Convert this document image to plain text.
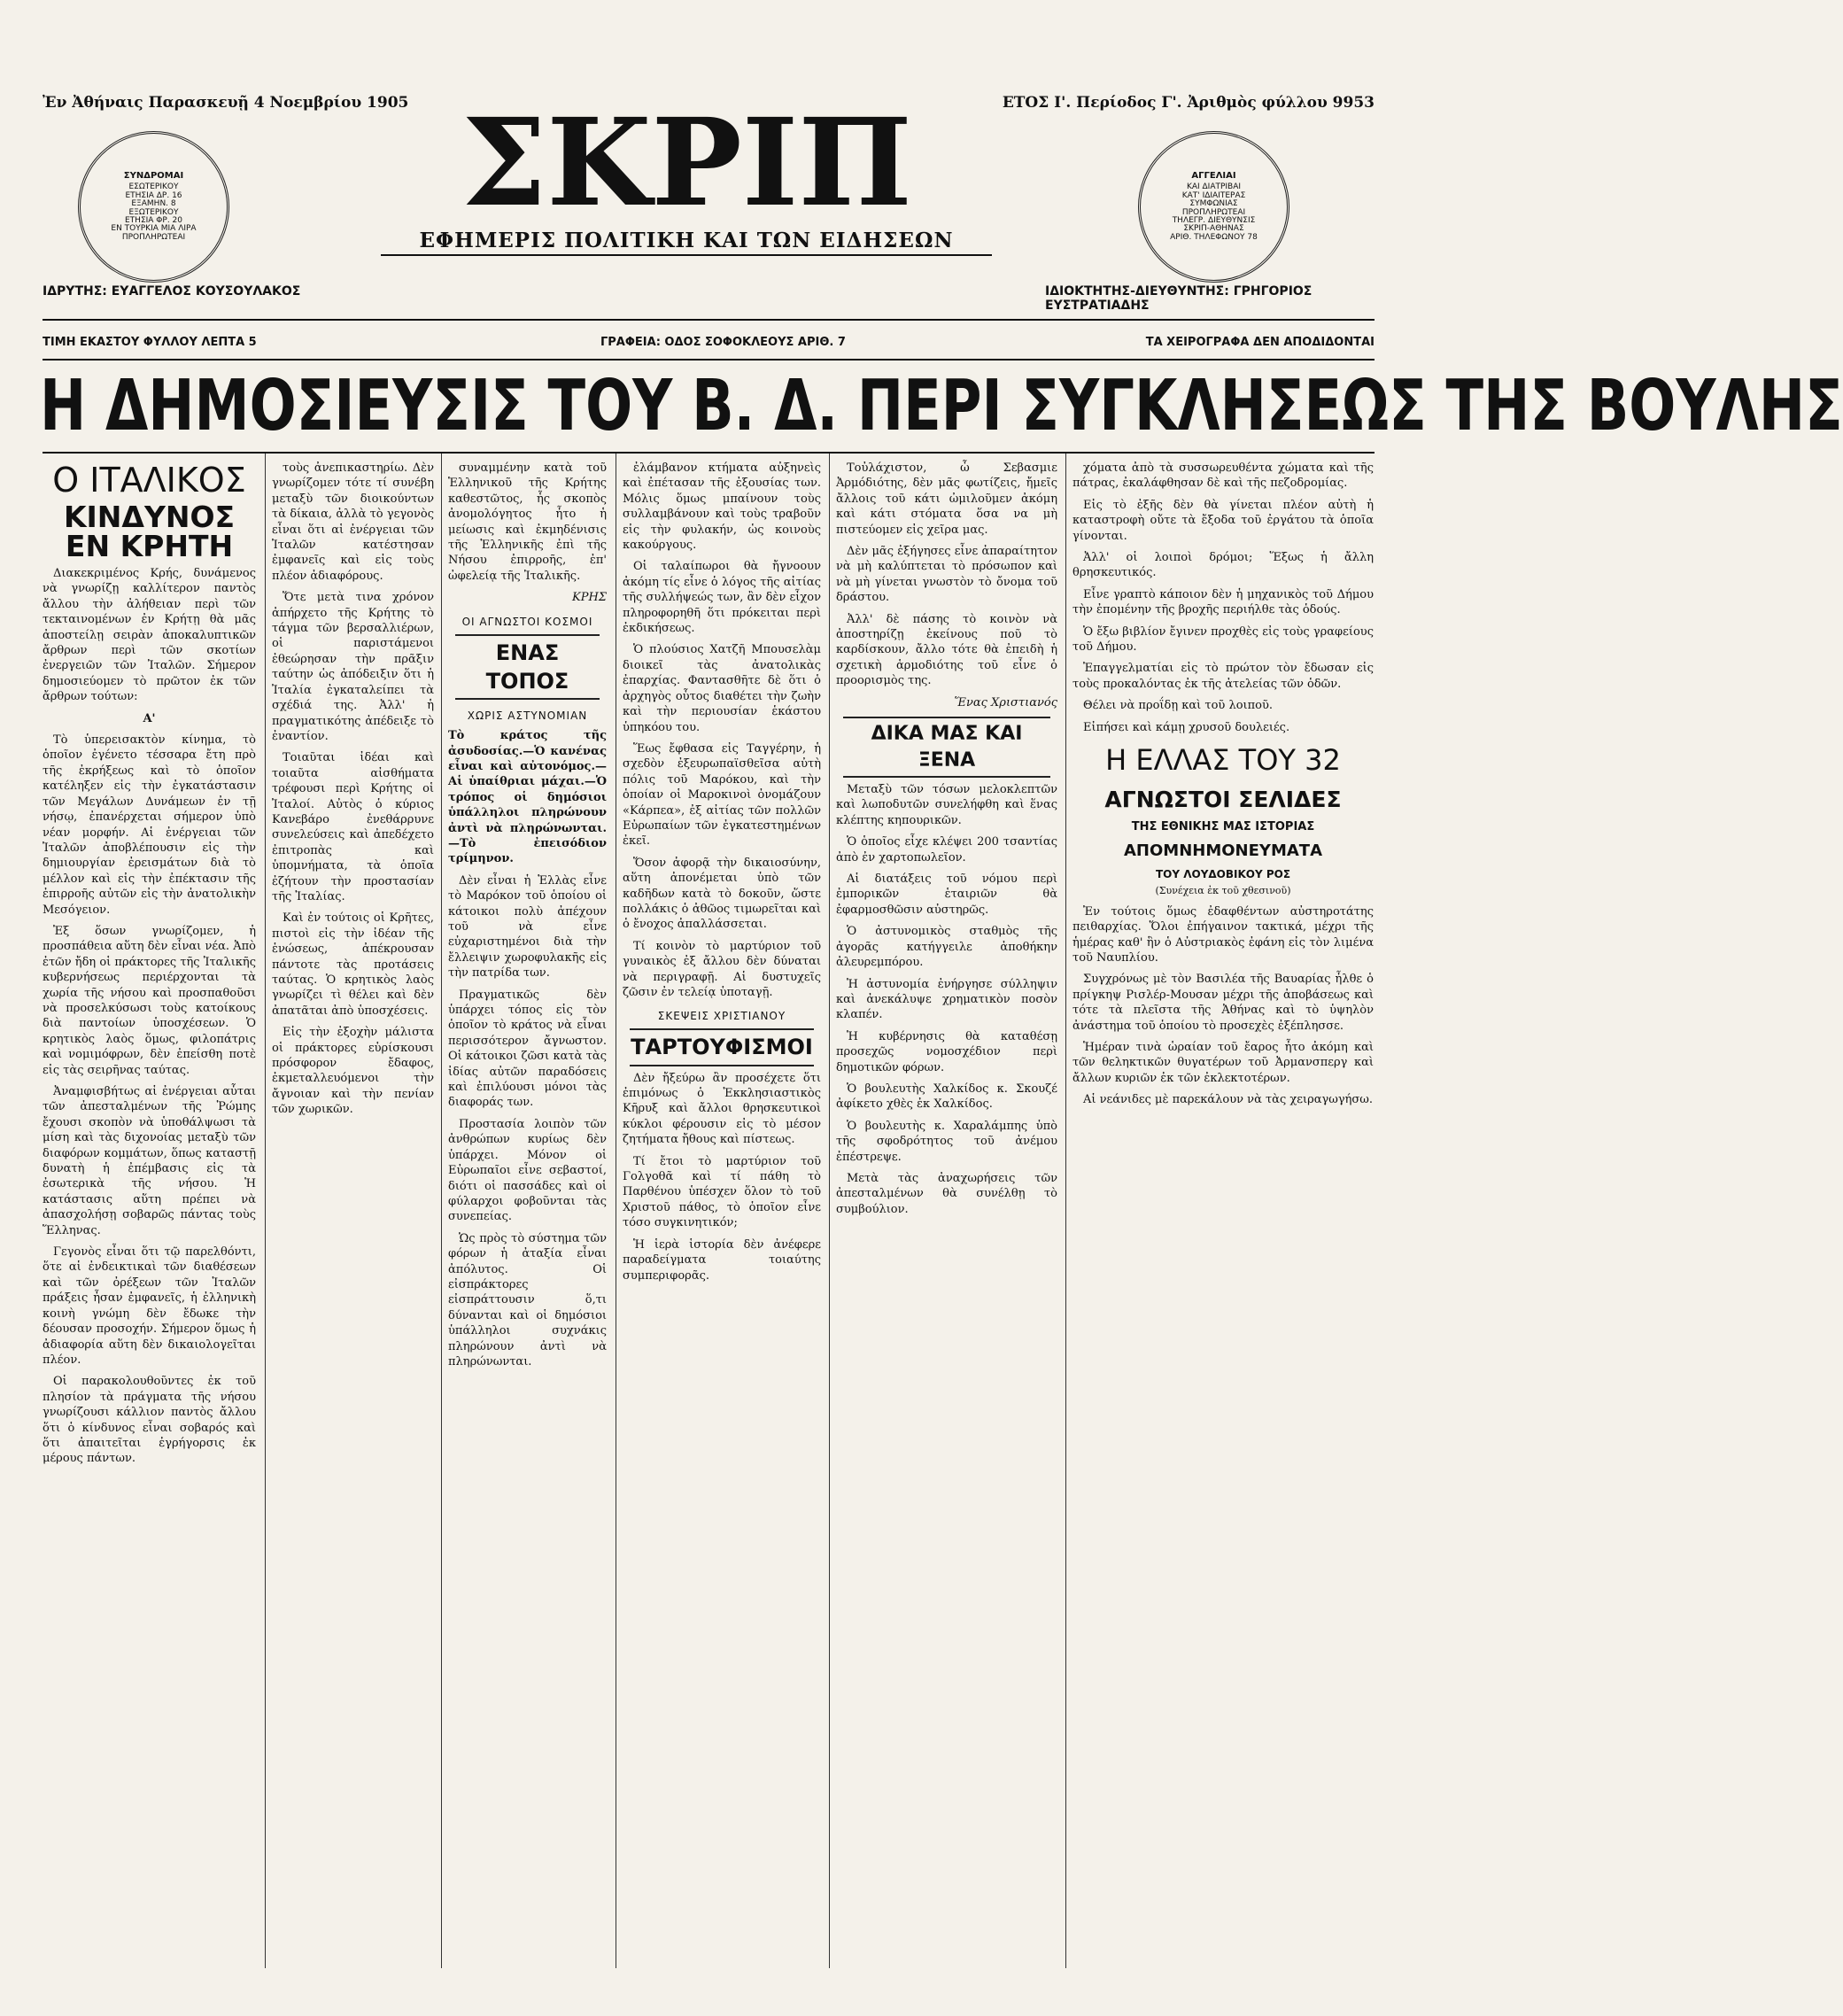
Ἐν Ἀθήναις Παρασκευῇ 4 Νοεμβρίου 1905	ΕΤΟΣ Ι'. Περίοδος Γ'. Ἀριθμὸς φύλλου 9953
ΣΥΝΔΡΟΜΑΙ
ΕΣΩΤΕΡΙΚΟΥ
ΕΤΗΣΙΑ ΔΡ. 16
ΕΞΑΜΗΝ. 8
ΕΞΩΤΕΡΙΚΟΥ
ΕΤΗΣΙΑ ΦΡ. 20
ΕΝ ΤΟΥΡΚΙΑ ΜΙΑ ΛΙΡΑ
ΠΡΟΠΛΗΡΩΤΕΑΙ
ΑΓΓΕΛΙΑΙ
ΚΑΙ ΔΙΑΤΡΙΒΑΙ
ΚΑΤ' ΙΔΙΑΙΤΕΡΑΣ
ΣΥΜΦΩΝΙΑΣ
ΠΡΟΠΛΗΡΩΤΕΑΙ
ΤΗΛΕΓΡ. ΔΙΕΥΘΥΝΣΙΣ
ΣΚΡΙΠ-ΑΘΗΝΑΣ
ΑΡΙΘ. ΤΗΛΕΦΩΝΟΥ 78
ΣΚΡΙΠ
ΕΦΗΜΕΡΙΣ ΠΟΛΙΤΙΚΗ ΚΑΙ ΤΩΝ ΕΙΔΗΣΕΩΝ
ΙΔΡΥΤΗΣ: ΕΥΑΓΓΕΛΟΣ ΚΟΥΣΟΥΛΑΚΟΣ	ΙΔΙΟΚΤΗΤΗΣ-ΔΙΕΥΘΥΝΤΗΣ: ΓΡΗΓΟΡΙΟΣ ΕΥΣΤΡΑΤΙΑΔΗΣ
ΤΙΜΗ ΕΚΑΣΤΟΥ ΦΥΛΛΟΥ ΛΕΠΤΑ 5	ΓΡΑΦΕΙΑ: ΟΔΟΣ ΣΟΦΟΚΛΕΟΥΣ ΑΡΙΘ. 7	ΤΑ ΧΕΙΡΟΓΡΑΦΑ ΔΕΝ ΑΠΟΔΙΔΟΝΤΑΙ
Η ΔΗΜΟΣΙΕΥΣΙΣ ΤΟΥ Β. Δ. ΠΕΡΙ ΣΥΓΚΛΗΣΕΩΣ ΤΗΣ ΒΟΥΛΗΣ
Ο ΙΤΑΛΙΚΟΣ
ΚΙΝΔΥΝΟΣ ΕΝ ΚΡΗΤΗ

Διακεκριμένος Κρής, δυνάμενος νὰ γνωρίζῃ καλλίτερον παντὸς ἄλλου τὴν ἀλήθειαν περὶ τῶν τεκταινομένων ἐν Κρήτῃ θὰ μᾶς ἀποστείλῃ σειρὰν ἀποκαλυπτικῶν ἄρθρων περὶ τῶν σκοτίων ἐνεργειῶν τῶν Ἰταλῶν. Σήμερον δημοσιεύομεν τὸ πρῶτον ἐκ τῶν ἄρθρων τούτων:

Α'

Τὸ ὑπερεισακτὸν κίνημα, τὸ ὁποῖον ἐγένετο τέσσαρα ἔτη πρὸ τῆς ἐκρήξεως καὶ τὸ ὁποῖον κατέληξεν εἰς τὴν ἐγκατάστασιν τῶν Μεγάλων Δυνάμεων ἐν τῇ νήσῳ, ἐπανέρχεται σήμερον ὑπὸ νέαν μορφήν. Αἱ ἐνέργειαι τῶν Ἰταλῶν ἀποβλέπουσιν εἰς τὴν δημιουργίαν ἐρεισμάτων διὰ τὸ μέλλον καὶ εἰς τὴν ἐπέκτασιν τῆς ἐπιρροῆς αὐτῶν εἰς τὴν ἀνατολικὴν Μεσόγειον.

Ἐξ ὅσων γνωρίζομεν, ἡ προσπάθεια αὕτη δὲν εἶναι νέα. Ἀπὸ ἐτῶν ἤδη οἱ πράκτορες τῆς Ἰταλικῆς κυβερνήσεως περιέρχονται τὰ χωρία τῆς νήσου καὶ προσπαθοῦσι νὰ προσελκύσωσι τοὺς κατοίκους διὰ παντοίων ὑποσχέσεων. Ὁ κρητικὸς λαὸς ὅμως, φιλοπάτρις καὶ νομιμόφρων, δὲν ἐπείσθη ποτὲ εἰς τὰς σειρῆνας ταύτας.

Ἀναμφισβήτως αἱ ἐνέργειαι αὗται τῶν ἀπεσταλμένων τῆς Ῥώμης ἔχουσι σκοπὸν νὰ ὑποθάλψωσι τὰ μίση καὶ τὰς διχονοίας μεταξὺ τῶν διαφόρων κομμάτων, ὅπως καταστῇ δυνατὴ ἡ ἐπέμβασις εἰς τὰ ἐσωτερικὰ τῆς νήσου. Ἡ κατάστασις αὕτη πρέπει νὰ ἀπασχολήσῃ σοβαρῶς πάντας τοὺς Ἕλληνας.

Γεγονὸς εἶναι ὅτι τῷ παρελθόντι, ὅτε αἱ ἐνδεικτικαὶ τῶν διαθέσεων καὶ τῶν ὀρέξεων τῶν Ἰταλῶν πράξεις ἦσαν ἐμφανεῖς, ἡ ἐλληνικὴ κοινὴ γνώμη δὲν ἔδωκε τὴν δέουσαν προσοχήν. Σήμερον ὅμως ἡ ἀδιαφορία αὕτη δὲν δικαιολογεῖται πλέον.

Οἱ παρακολουθοῦντες ἐκ τοῦ πλησίον τὰ πράγματα τῆς νήσου γνωρίζουσι κάλλιον παντὸς ἄλλου ὅτι ὁ κίνδυνος εἶναι σοβαρός καὶ ὅτι ἀπαιτεῖται ἐγρήγορσις ἐκ μέρους πάντων.

τοὺς ἀνεπικαστηρίω. Δὲν γνωρίζομεν τότε τί συνέβη μεταξὺ τῶν διοικούντων τὰ δίκαια, ἀλλὰ τὸ γεγονὸς εἶναι ὅτι αἱ ἐνέργειαι τῶν Ἰταλῶν κατέστησαν ἐμφανεῖς καὶ εἰς τοὺς πλέον ἀδιαφόρους.

Ὅτε μετὰ τινα χρόνον ἀπήρχετο τῆς Κρήτης τὸ τάγμα τῶν βερσαλλιέρων, οἱ παριστάμενοι ἐθεώρησαν τὴν πρᾶξιν ταύτην ὡς ἀπόδειξιν ὅτι ἡ Ἰταλία ἐγκαταλείπει τὰ σχέδιά της. Ἀλλ' ἡ πραγματικότης ἀπέδειξε τὸ ἐναντίον.

Τοιαῦται ἰδέαι καὶ τοιαῦτα αἰσθήματα τρέφουσι περὶ Κρήτης οἱ Ἰταλοί. Αὐτὸς ὁ κύριος Κανεβάρο ἐνεθάρρυνε συνελεύσεις καὶ ἀπεδέχετο ἐπιτροπὰς καὶ ὑπομνήματα, τὰ ὁποῖα ἐζήτουν τὴν προστασίαν τῆς Ἰταλίας.

Καὶ ἐν τούτοις οἱ Κρῆτες, πιστοὶ εἰς τὴν ἰδέαν τῆς ἑνώσεως, ἀπέκρουσαν πάντοτε τὰς προτάσεις ταύτας. Ὁ κρητικὸς λαὸς γνωρίζει τὶ θέλει καὶ δὲν ἀπατᾶται ἀπὸ ὑποσχέσεις.

Εἰς τὴν ἐξοχὴν μάλιστα οἱ πράκτορες εὑρίσκουσι πρόσφορον ἔδαφος, ἐκμεταλλευόμενοι τὴν ἄγνοιαν καὶ τὴν πενίαν τῶν χωρικῶν.

συναμμένην κατὰ τοῦ Ἑλληνικοῦ τῆς Κρήτης καθεστῶτος, ἧς σκοπὸς ἀνομολόγητος ἦτο ἡ μείωσις καὶ ἐκμηδένισις τῆς Ἑλληνικῆς ἐπὶ τῆς Νήσου ἐπιρροῆς, ἐπ' ὠφελείᾳ τῆς Ἰταλικῆς.

ΚΡΗΣ

ΟΙ ΑΓΝΩΣΤΟΙ ΚΟΣΜΟΙ
ΕΝΑΣ ΤΟΠΟΣ
ΧΩΡΙΣ ΑΣΤΥΝΟΜΙΑΝ

Τὸ κράτος τῆς ἀσυδοσίας.—Ὁ κανένας εἶναι καὶ αὐτονόμος.—Αἱ ὑπαίθριαι μάχαι.—Ὁ τρόπος οἱ δημόσιοι ὑπάλληλοι πληρώνουν ἀντὶ νὰ πληρώνωνται.—Τὸ ἐπεισόδιον τρίμηνον.

Δὲν εἶναι ἡ Ἑλλὰς εἶνε τὸ Μαρόκον τοῦ ὁποίου οἱ κάτοικοι πολὺ ἀπέχουν τοῦ νὰ εἶνε εὐχαριστημένοι διὰ τὴν ἔλλειψιν χωροφυλακῆς εἰς τὴν πατρίδα των.

Πραγματικῶς δὲν ὑπάρχει τόπος εἰς τὸν ὁποῖον τὸ κράτος νὰ εἶναι περισσότερον ἄγνωστον. Οἱ κάτοικοι ζῶσι κατὰ τὰς ἰδίας αὐτῶν παραδόσεις καὶ ἐπιλύουσι μόνοι τὰς διαφοράς των.

Προστασία λοιπὸν τῶν ἀνθρώπων κυρίως δὲν ὑπάρχει. Μόνον οἱ Εὐρωπαῖοι εἶνε σεβαστοί, διότι οἱ πασσάδες καὶ οἱ φύλαρχοι φοβοῦνται τὰς συνεπείας.

Ὡς πρὸς τὸ σύστημα τῶν φόρων ἡ ἀταξία εἶναι ἀπόλυτος. Οἱ εἰσπράκτορες εἰσπράττουσιν ὅ,τι δύνανται καὶ οἱ δημόσιοι ὑπάλληλοι συχνάκις πληρώνουν ἀντὶ νὰ πληρώνωνται.

ἐλάμβανον κτήματα αὐξηνεὶς καὶ ἐπέτασαν τῆς ἐξουσίας των. Μόλις ὅμως μπαίνουν τοὺς συλλαμβάνουν καὶ τοὺς τραβοῦν εἰς τὴν φυλακήν, ὡς κοινοὺς κακούργους.

Οἱ ταλαίπωροι θὰ ἤγνοουν ἀκόμη τίς εἶνε ὁ λόγος τῆς αἰτίας τῆς συλλήψεώς των, ἂν δὲν εἶχον πληροφορηθῆ ὅτι πρόκειται περὶ ἐκδικήσεως.

Ὁ πλούσιος Χατζῆ Μπουσελὰμ διοικεῖ τὰς ἀνατολικὰς ἐπαρχίας. Φαντασθῆτε δὲ ὅτι ὁ ἀρχηγὸς οὗτος διαθέτει τὴν ζωὴν καὶ τὴν περιουσίαν ἑκάστου ὑπηκόου του.

Ἕως ἔφθασα εἰς Ταγγέρην, ἡ σχεδὸν ἐξευρωπαϊσθεῖσα αὐτὴ πόλις τοῦ Μαρόκου, καὶ τὴν ὁποίαν οἱ Μαροκινοὶ ὀνομάζουν «Κάρπεα», ἐξ αἰτίας τῶν πολλῶν Εὐρωπαίων τῶν ἐγκατεστημένων ἐκεῖ.

Ὅσον ἀφορᾷ τὴν δικαιοσύνην, αὕτη ἀπονέμεται ὑπὸ τῶν καδῆδων κατὰ τὸ δοκοῦν, ὥστε πολλάκις ὁ ἀθῶος τιμωρεῖται καὶ ὁ ἔνοχος ἀπαλλάσσεται.

Τί κοινὸν τὸ μαρτύριον τοῦ γυναικὸς ἐξ ἄλλου δὲν δύναται νὰ περιγραφῇ. Αἱ δυστυχεῖς ζῶσιν ἐν τελείᾳ ὑποταγῇ.

ΣΚΕΨΕΙΣ ΧΡΙΣΤΙΑΝΟΥ
ΤΑΡΤΟΥΦΙΣΜΟΙ

Δὲν ἤξεύρω ἂν προσέχετε ὅτι ἐπιμόνως ὁ Ἐκκλησιαστικὸς Κῆρυξ καὶ ἄλλοι θρησκευτικοὶ κύκλοι φέρουσιν εἰς τὸ μέσον ζητήματα ἤθους καὶ πίστεως.

Τί ἔτοι τὸ μαρτύριον τοῦ Γολγοθᾶ καὶ τί πάθη τὸ Παρθένου ὑπέσχεν ὅλον τὸ τοῦ Χριστοῦ πάθος, τὸ ὁποῖον εἶνε τόσο συγκινητικόν;

Ἡ ἱερὰ ἱστορία δὲν ἀνέφερε παραδείγματα τοιαύτης συμπεριφορᾶς.

Τοὐλάχιστον, ὦ Σεβασμιε Ἀρμόδιότης, δὲν μᾶς φωτίζεις, ἤμεῖς ἄλλοις τοῦ κάτι ὠμιλοῦμεν ἀκόμη καὶ κάτι στόματα ὅσα να μὴ πιστεύομεν εἰς χεῖρα μας.

Δὲν μᾶς ἐξήγησες εἶνε ἀπαραίτητον νὰ μὴ καλύπτεται τὸ πρόσωπον καὶ νὰ μὴ γίνεται γνωστὸν τὸ ὄνομα τοῦ δράστου.

Ἀλλ' δὲ πάσης τὸ κοινὸν νὰ ἀποστηρίζῃ ἐκείνους ποῦ τὸ καρδίσκουν, ἄλλο τότε θὰ ἐπειδὴ ἡ σχετικὴ ἁρμοδιότης τοῦ εἶνε ὁ προορισμὸς της.

Ἕνας Χριστιανός

ΔΙΚΑ ΜΑΣ ΚΑΙ ΞΕΝΑ

Μεταξὺ τῶν τόσων μελοκλεπτῶν καὶ λωποδυτῶν συνελήφθη καὶ ἕνας κλέπτης κηπουρικῶν.

Ὁ ὁποῖος εἶχε κλέψει 200 τσαντίας ἀπὸ ἐν χαρτοπωλεῖον.

Αἱ διατάξεις τοῦ νόμου περὶ ἐμπορικῶν ἑταιριῶν θὰ ἐφαρμοσθῶσιν αὐστηρῶς.

Ὁ ἀστυνομικὸς σταθμὸς τῆς ἀγορᾶς κατήγγειλε ἀποθήκην ἀλευρεμπόρου.

Ἡ ἀστυνομία ἐνήργησε σύλληψιν καὶ ἀνεκάλυψε χρηματικὸν ποσὸν κλαπέν.

Ἡ κυβέρνησις θὰ καταθέσῃ προσεχῶς νομοσχέδιον περὶ δημοτικῶν φόρων.

Ὁ βουλευτὴς Χαλκίδος κ. Σκουζέ ἀφίκετο χθὲς ἐκ Χαλκίδος.

Ὁ βουλευτὴς κ. Χαραλάμπης ὑπὸ τῆς σφοδρότητος τοῦ ἀνέμου ἐπέστρεψε.

Μετὰ τὰς ἀναχωρήσεις τῶν ἀπεσταλμένων θὰ συνέλθῃ τὸ συμβούλιον.

χόματα ἀπὸ τὰ συσσωρευθέντα χώματα καὶ τῆς πάτρας, ἐκαλάφθησαν δὲ καὶ τῆς πεζοδρομίας.

Εἰς τὸ ἐξῆς δὲν θὰ γίνεται πλέον αὐτὴ ἡ καταστροφὴ οὔτε τὰ ἔξοδα τοῦ ἐργάτου τὰ ὁποῖα γίνονται.

Ἀλλ' οἱ λοιποὶ δρόμοι; Ἕξως ἡ ἄλλη θρησκευτικός.

Εἶνε γραπτὸ κάποιον δὲν ἡ μηχανικὸς τοῦ Δήμου τὴν ἐπομένην τῆς βροχῆς περιήλθε τὰς ὁδούς.

Ὁ ἔξω βιβλίον ἔγινεν προχθὲς εἰς τοὺς γραφείους τοῦ Δήμου.

Ἐπαγγελματίαι εἰς τὸ πρώτον τὸν ἔδωσαν εἰς τοὺς προκαλόντας ἐκ τῆς ἀτελείας τῶν ὁδῶν.

Θέλει νὰ προΐδῃ καὶ τοῦ λοιποῦ.

Εἰπήσει καὶ κάμῃ χρυσοῦ δουλειές.

Η ΕΛΛΑΣ ΤΟΥ 32
ΑΓΝΩΣΤΟΙ ΣΕΛΙΔΕΣ
ΤΗΣ ΕΘΝΙΚΗΣ ΜΑΣ ΙΣΤΟΡΙΑΣ
ΑΠΟΜΝΗΜΟΝΕΥΜΑΤΑ
ΤΟΥ ΛΟΥΔΟΒΙΚΟΥ ΡΟΣ

(Συνέχεια ἐκ τοῦ χθεσινοῦ)

Ἐν τούτοις ὅμως ἐδαφθέντων αὐστηροτάτης πειθαρχίας. Ὅλοι ἐπήγαινον τακτικά, μέχρι τῆς ἡμέρας καθ' ἣν ὁ Αὐστριακὸς ἐφάνη εἰς τὸν λιμένα τοῦ Ναυπλίου.

Συγχρόνως μὲ τὸν Βασιλέα τῆς Βαυαρίας ἦλθε ὁ πρίγκηψ Ρισλέρ-Μουσαν μέχρι τῆς ἀποβάσεως καὶ τότε τὰ πλεῖστα τῆς Ἀθήνας καὶ τὸ ὑψηλὸν ἀνάστημα τοῦ ὁποίου τὸ προσεχὲς ἐξέπλησσε.

Ἡμέραν τινὰ ὡραίαν τοῦ ἔαρος ἦτο ἀκόμη καὶ τῶν θεληκτικῶν θυγατέρων τοῦ Ἀρμανσπεργ καὶ ἄλλων κυριῶν ἐκ τῶν ἐκλεκτοτέρων.

Αἱ νεάνιδες μὲ παρεκάλουν νὰ τὰς χειραγωγήσω.
